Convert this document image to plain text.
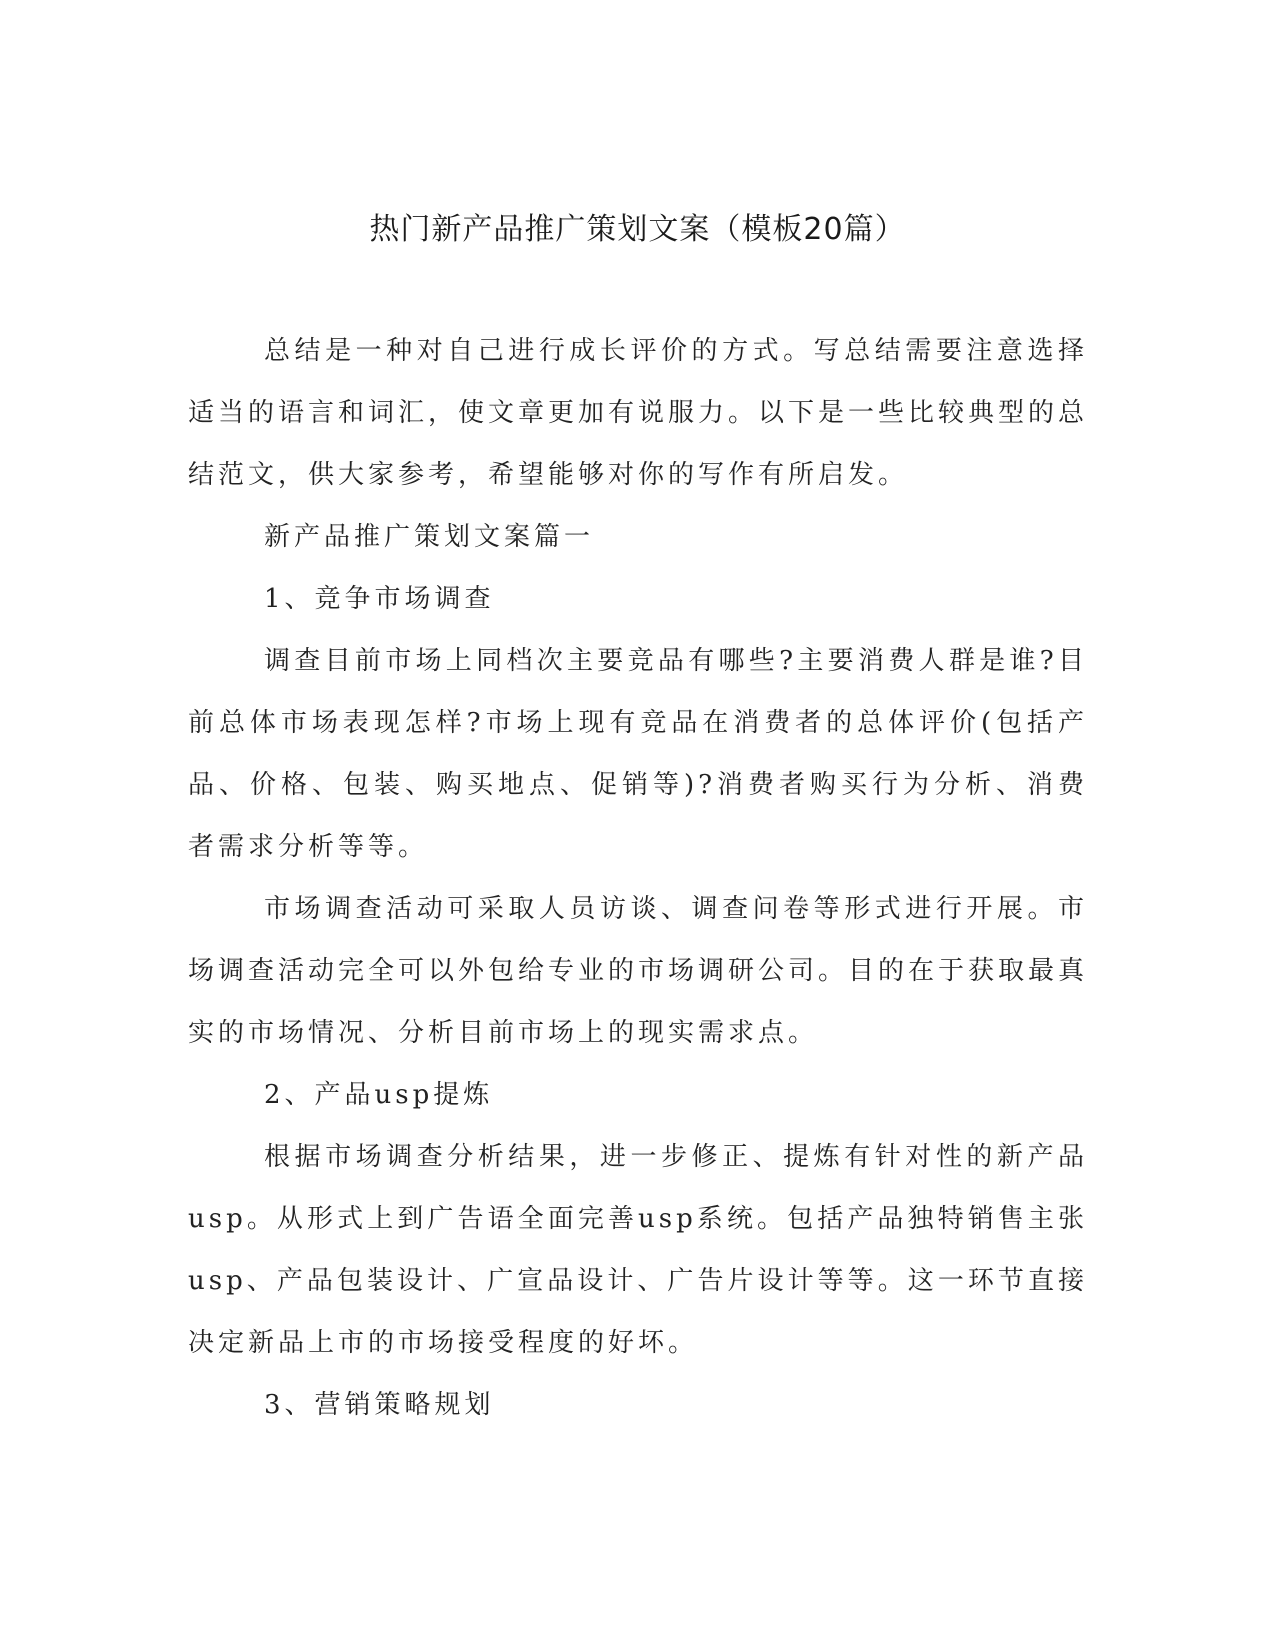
热门新产品推广策划文案（模板20篇）

总结是一种对自己进行成长评价的方式。写总结需要注意选择适当的语言和词汇，使文章更加有说服力。以下是一些比较典型的总结范文，供大家参考，希望能够对你的写作有所启发。

新产品推广策划文案篇一

1、竞争市场调查

调查目前市场上同档次主要竞品有哪些?主要消费人群是谁?目前总体市场表现怎样?市场上现有竞品在消费者的总体评价(包括产品、价格、包装、购买地点、促销等)?消费者购买行为分析、消费者需求分析等等。

市场调查活动可采取人员访谈、调查问卷等形式进行开展。市场调查活动完全可以外包给专业的市场调研公司。目的在于获取最真实的市场情况、分析目前市场上的现实需求点。

2、产品usp提炼

根据市场调查分析结果，进一步修正、提炼有针对性的新产品usp。从形式上到广告语全面完善usp系统。包括产品独特销售主张usp、产品包装设计、广宣品设计、广告片设计等等。这一环节直接决定新品上市的市场接受程度的好坏。

3、营销策略规划
